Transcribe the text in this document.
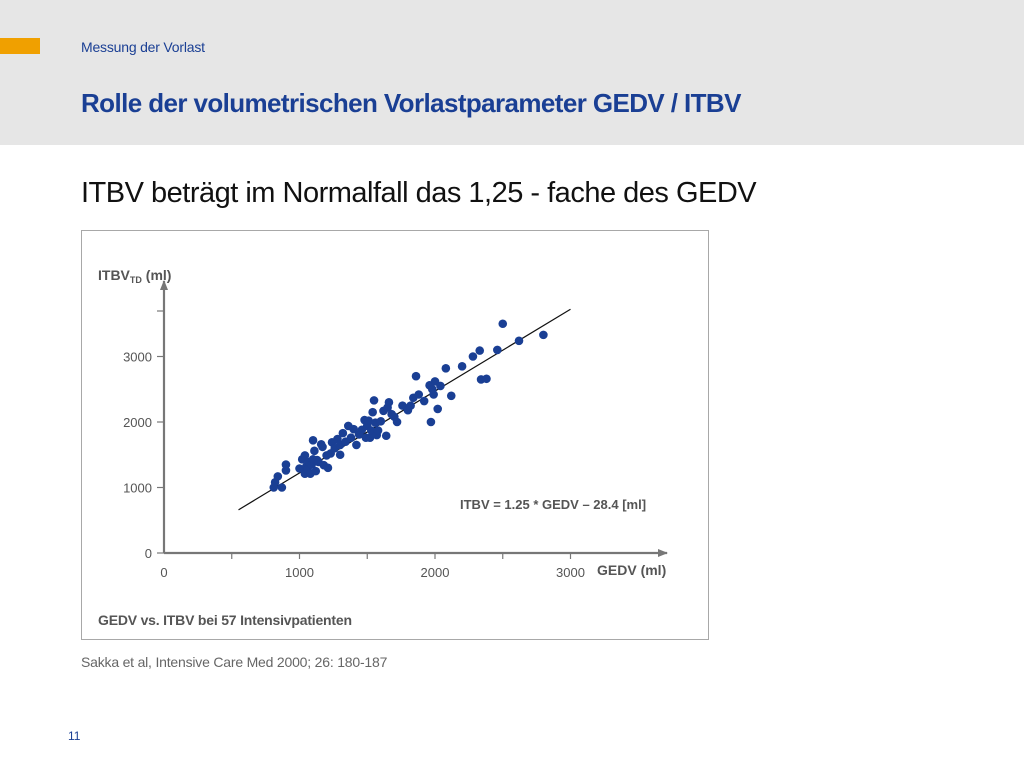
Messung der Vorlast
Rolle der volumetrischen Vorlastparameter GEDV / ITBV
ITBV beträgt im Normalfall das 1,25 - fache des GEDV
0
1000
2000
3000
0	1000	2000	3000
$ITBV_{TD}$ (ml)
GEDV (ml)
ITBV = 1.25 * GEDV – 28.4 [ml]
GEDV vs. ITBV bei 57 Intensivpatienten
Sakka et al, Intensive Care Med 2000; 26: 180-187
11
